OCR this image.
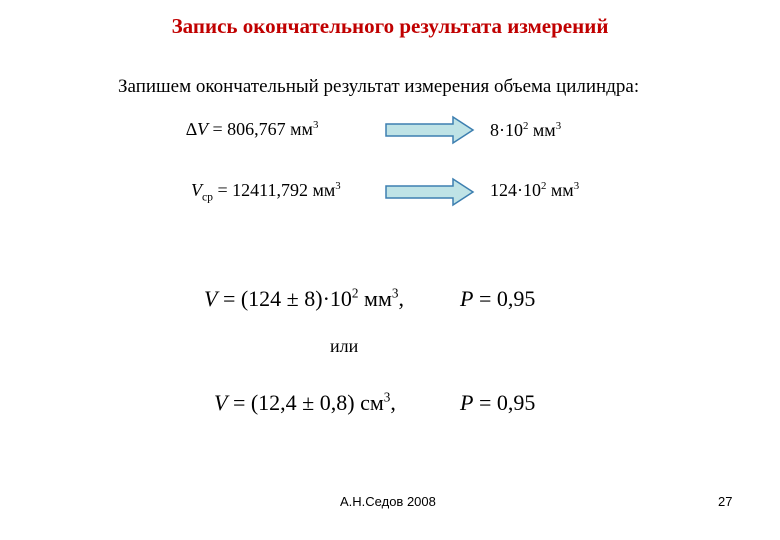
Запись окончательного результата измерений
Запишем окончательный результат измерения объема цилиндра:
∆V = 806,767 $мм^3$	$8\cdot 10^2$ $мм^3$
$V_{ср} = 12411,792$ $мм^3$	$124\cdot 10^2$ $мм^3$
$V = (124 \pm 8)\cdot 10^2$ $мм^3$,	P = 0,95
или
V = (12,4 ± 0,8) $см^3$,	P = 0,95
А.Н.Седов 2008	27
